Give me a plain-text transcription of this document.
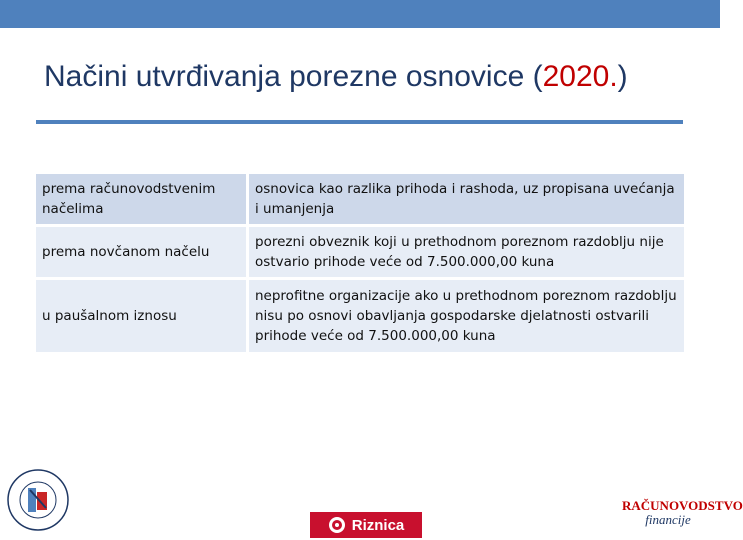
Načini utvrđivanja porezne osnovice (2020.)
prema računovodstvenim načelima	osnovica kao razlika prihoda i rashoda, uz propisana uvećanja i umanjenja
prema novčanom načelu	porezni obveznik koji u prethodnom poreznom razdoblju nije ostvario prihode veće od 7.500.000,00 kuna
u paušalnom iznosu	neprofitne organizacije ako u prethodnom poreznom razdoblju nisu po osnovi obavljanja gospodarske djelatnosti ostvarili prihode veće od 7.500.000,00 kuna
Riznica
RAČUNOVODSTVO
financije
